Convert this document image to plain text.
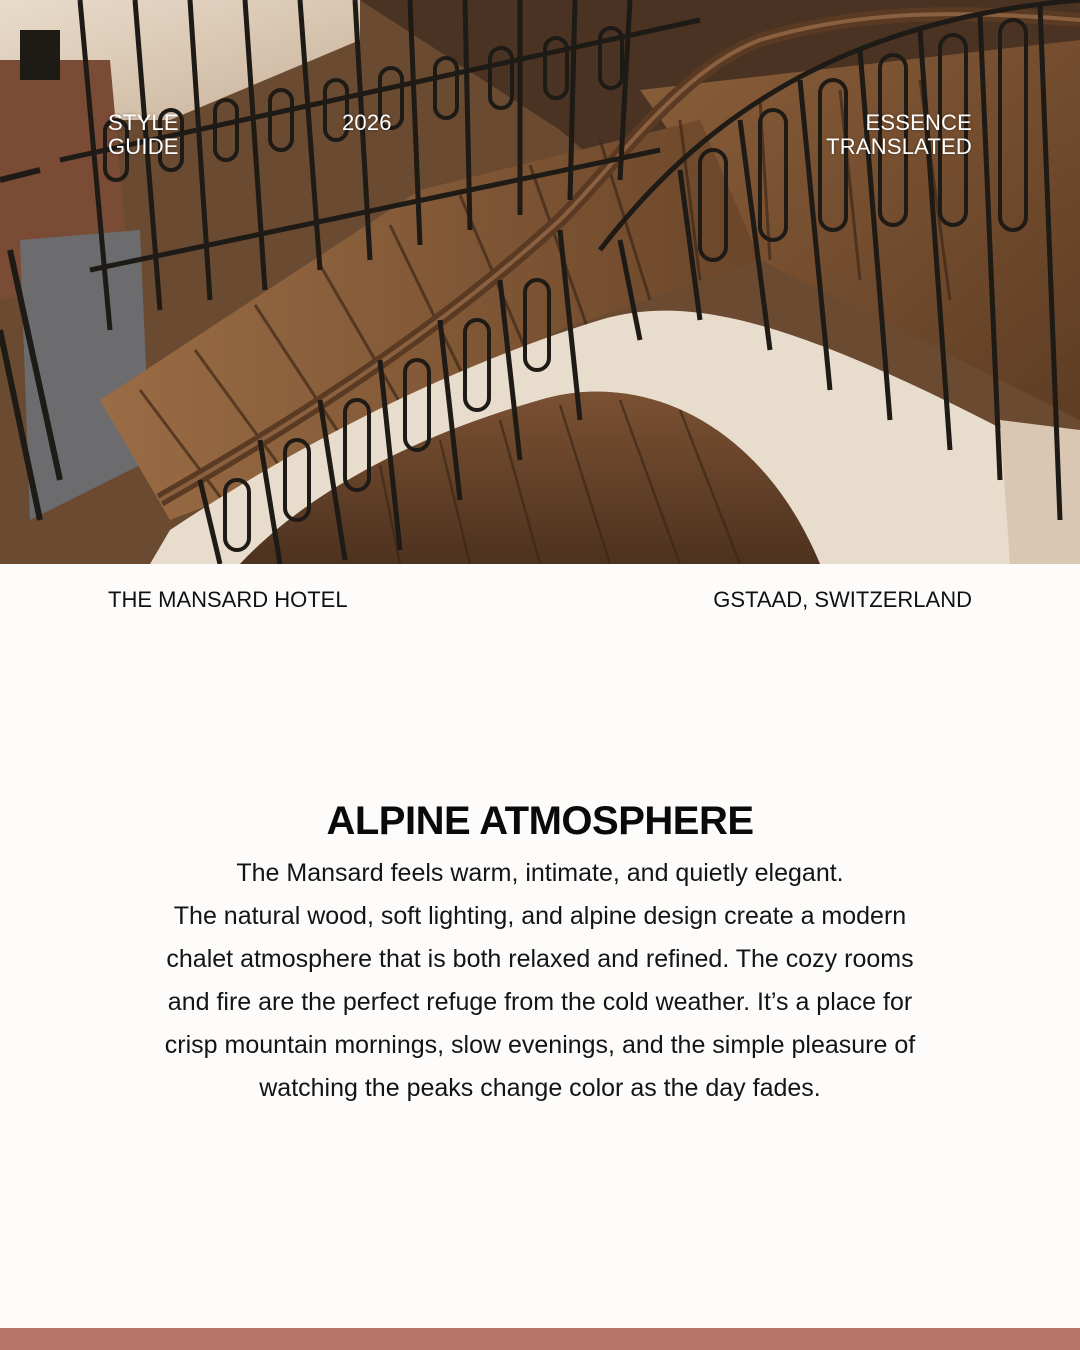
STYLE
GUIDE
2026	ESSENCE
TRANSLATED
THE MANSARD HOTEL	GSTAAD, SWITZERLAND
ALPINE ATMOSPHERE

The Mansard feels warm, intimate, and quietly elegant.
The natural wood, soft lighting, and alpine design create a modern
chalet atmosphere that is both relaxed and refined. The cozy rooms
and fire are the perfect refuge from the cold weather. It’s a place for
crisp mountain mornings, slow evenings, and the simple pleasure of
watching the peaks change color as the day fades.
